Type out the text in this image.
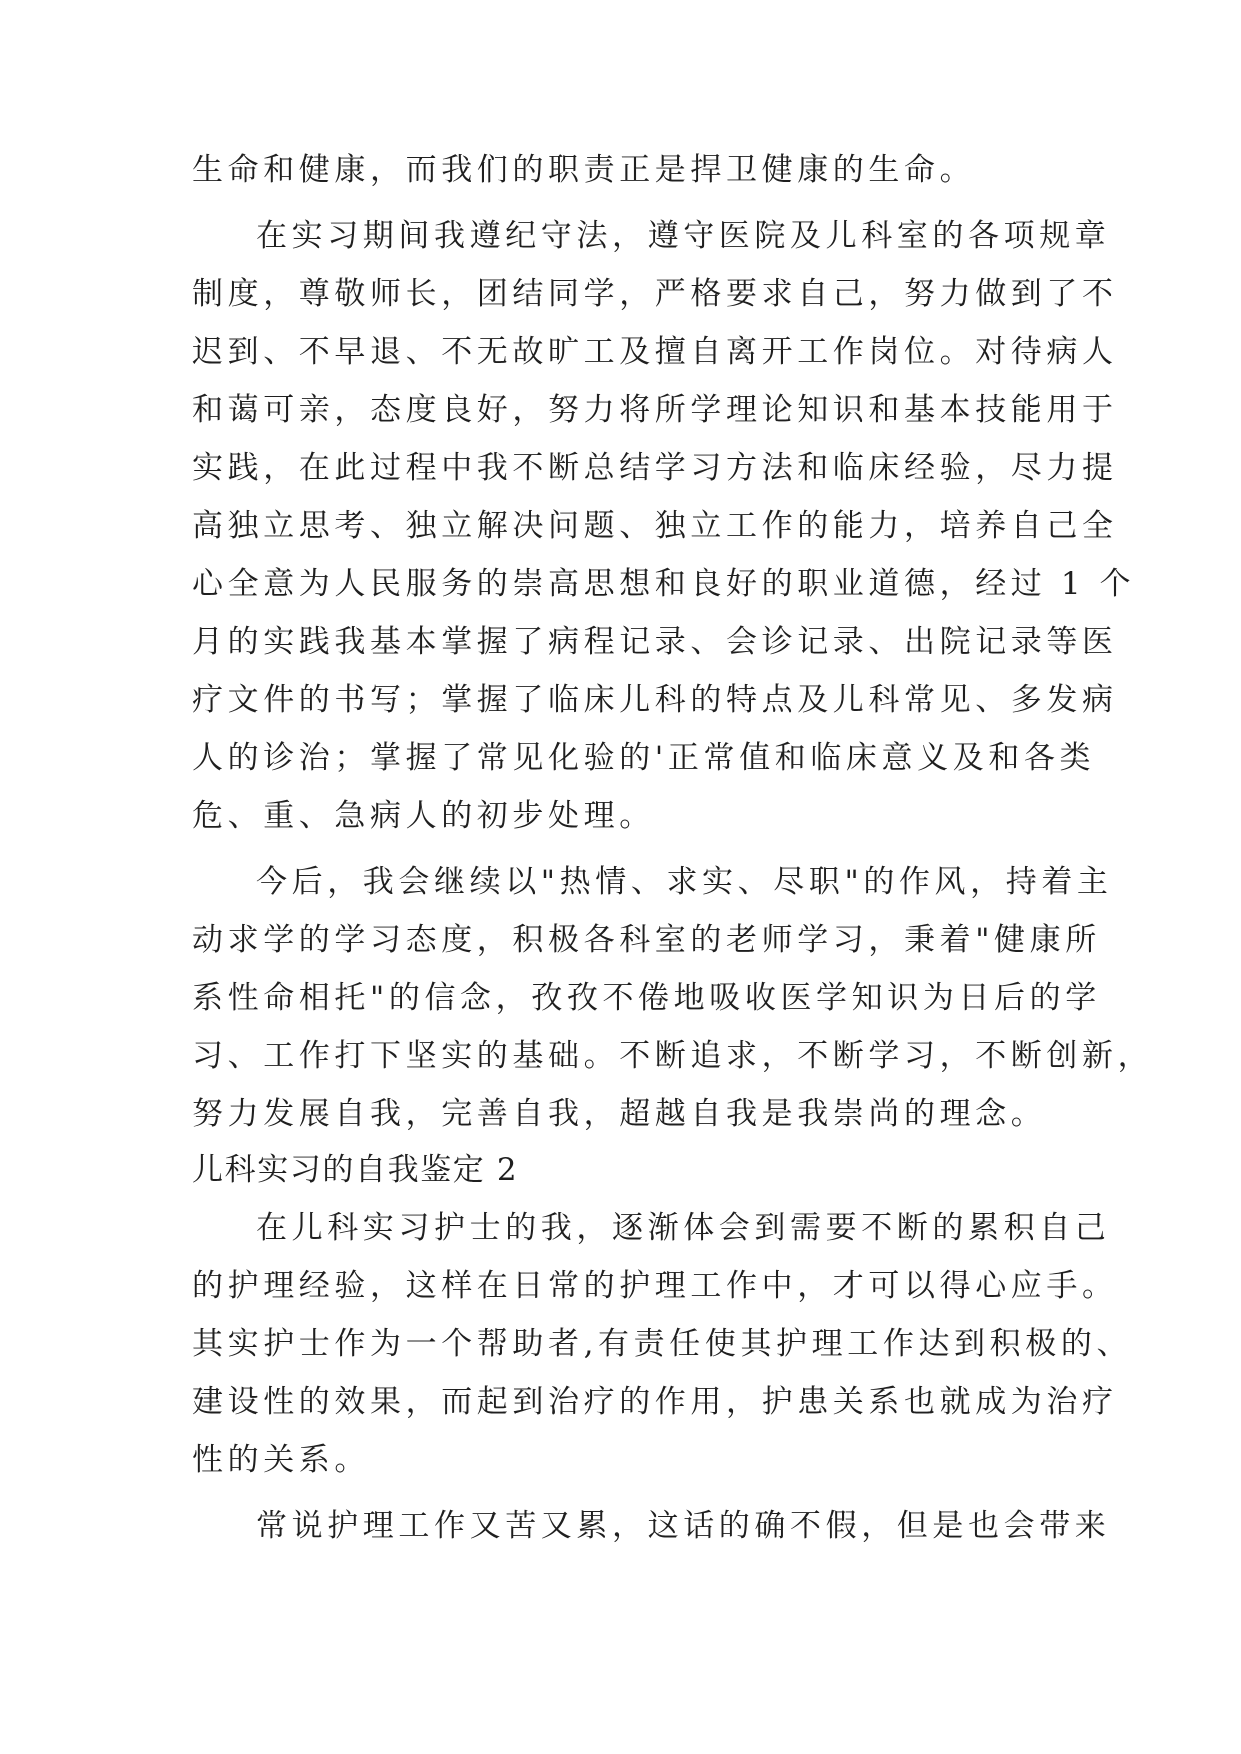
生命和健康，而我们的职责正是捍卫健康的生命。
在实习期间我遵纪守法，遵守医院及儿科室的各项规章
制度，尊敬师长，团结同学，严格要求自己，努力做到了不
迟到、不早退、不无故旷工及擅自离开工作岗位。对待病人
和蔼可亲，态度良好，努力将所学理论知识和基本技能用于
实践，在此过程中我不断总结学习方法和临床经验，尽力提
高独立思考、独立解决问题、独立工作的能力，培养自己全
心全意为人民服务的崇高思想和良好的职业道德，经过 1 个
月的实践我基本掌握了病程记录、会诊记录、出院记录等医
疗文件的书写；掌握了临床儿科的特点及儿科常见、多发病
人的诊治；掌握了常见化验的'正常值和临床意义及和各类
危、重、急病人的初步处理。
今后，我会继续以"热情、求实、尽职"的作风，持着主
动求学的学习态度，积极各科室的老师学习，秉着"健康所
系性命相托"的信念，孜孜不倦地吸收医学知识为日后的学
习、工作打下坚实的基础。不断追求，不断学习，不断创新，
努力发展自我，完善自我，超越自我是我崇尚的理念。
儿科实习的自我鉴定 2
在儿科实习护士的我，逐渐体会到需要不断的累积自己
的护理经验，这样在日常的护理工作中，才可以得心应手。
其实护士作为一个帮助者,有责任使其护理工作达到积极的、
建设性的效果，而起到治疗的作用，护患关系也就成为治疗
性的关系。
常说护理工作又苦又累，这话的确不假，但是也会带来
